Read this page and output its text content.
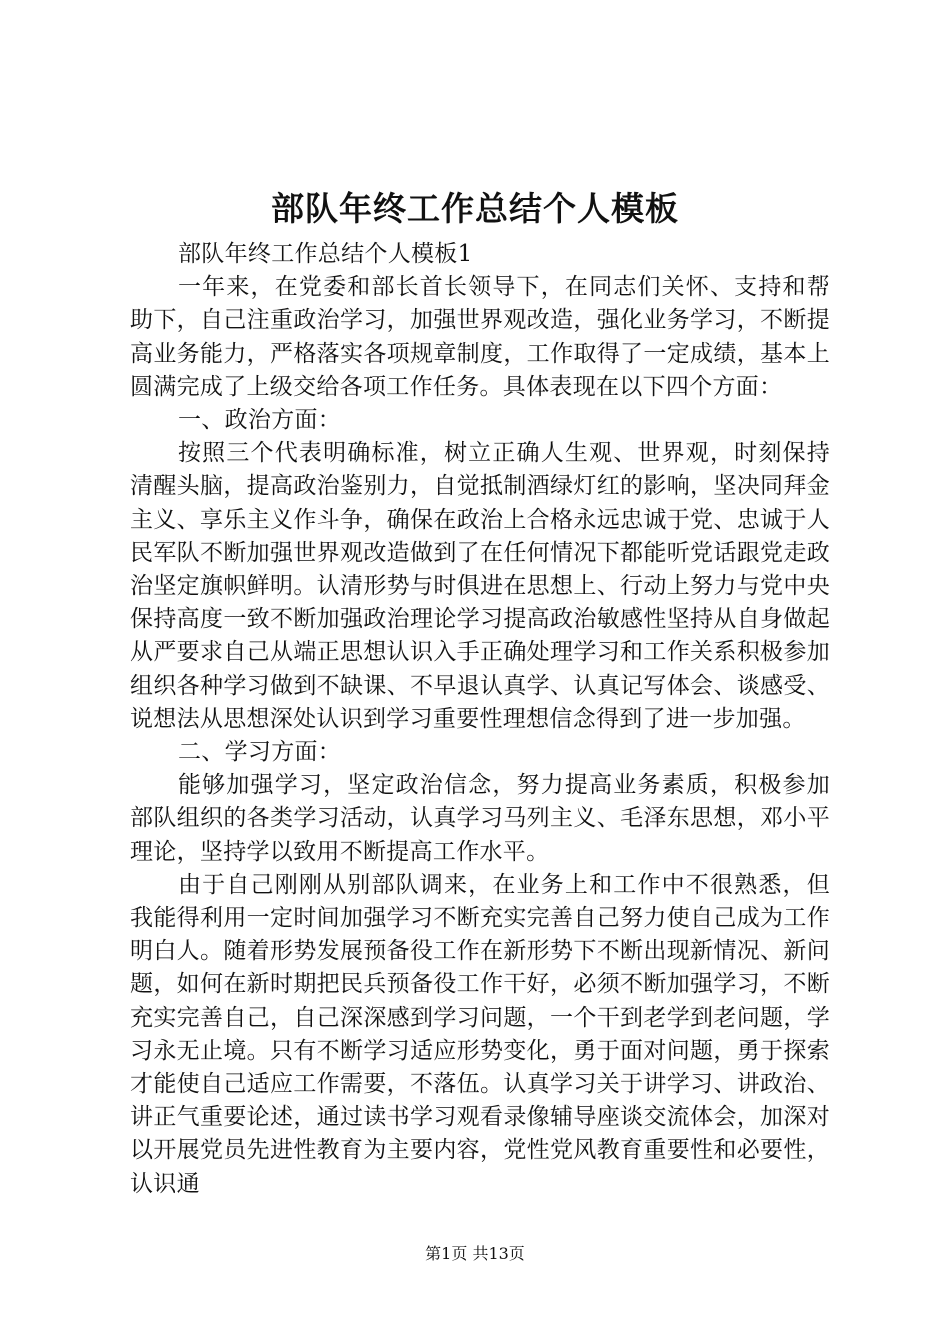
部队年终工作总结个人模板

部队年终工作总结个人模板1

一年来，在党委和部长首长领导下，在同志们关怀、支持和帮助下，自己注重政治学习，加强世界观改造，强化业务学习，不断提高业务能力，严格落实各项规章制度，工作取得了一定成绩，基本上圆满完成了上级交给各项工作任务。具体表现在以下四个方面：

一、政治方面：

按照三个代表明确标准，树立正确人生观、世界观，时刻保持清醒头脑，提高政治鉴别力，自觉抵制酒绿灯红的影响，坚决同拜金主义、享乐主义作斗争，确保在政治上合格永远忠诚于党、忠诚于人民军队不断加强世界观改造做到了在任何情况下都能听党话跟党走政治坚定旗帜鲜明。认清形势与时俱进在思想上、行动上努力与党中央保持高度一致不断加强政治理论学习提高政治敏感性坚持从自身做起从严要求自己从端正思想认识入手正确处理学习和工作关系积极参加组织各种学习做到不缺课、不早退认真学、认真记写体会、谈感受、说想法从思想深处认识到学习重要性理想信念得到了进一步加强。

二、学习方面：

能够加强学习，坚定政治信念，努力提高业务素质，积极参加部队组织的各类学习活动，认真学习马列主义、毛泽东思想，邓小平理论，坚持学以致用不断提高工作水平。

由于自己刚刚从别部队调来，在业务上和工作中不很熟悉，但我能得利用一定时间加强学习不断充实完善自己努力使自己成为工作明白人。随着形势发展预备役工作在新形势下不断出现新情况、新问题，如何在新时期把民兵预备役工作干好，必须不断加强学习，不断充实完善自己，自己深深感到学习问题，一个干到老学到老问题，学习永无止境。只有不断学习适应形势变化，勇于面对问题，勇于探索才能使自己适应工作需要，不落伍。认真学习关于讲学习、讲政治、讲正气重要论述，通过读书学习观看录像辅导座谈交流体会，加深对以开展党员先进性教育为主要内容，党性党风教育重要性和必要性，认识通

第1页 共13页
